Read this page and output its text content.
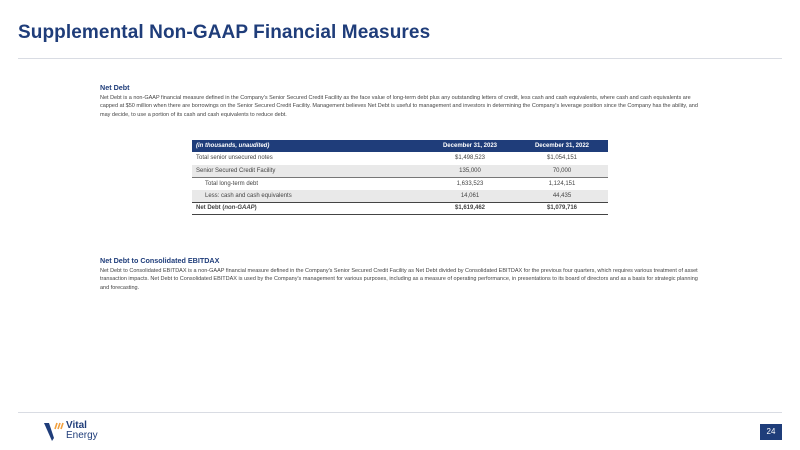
Supplemental Non-GAAP Financial Measures
Net Debt

Net Debt is a non-GAAP financial measure defined in the Company's Senior Secured Credit Facility as the face value of long-term debt plus any outstanding letters of credit, less cash and cash equivalents, where cash and cash equivalents are capped at $50 million when there are borrowings on the Senior Secured Credit Facility. Management believes Net Debt is useful to management and investors in determining the Company's leverage position since the Company has the ability, and may decide, to use a portion of its cash and cash equivalents to reduce debt.

(in thousands, unaudited)	December 31, 2023	December 31, 2022
Total senior unsecured notes	$1,498,523	$1,054,151
Senior Secured Credit Facility	135,000	70,000
Total long-term debt	1,633,523	1,124,151
Less: cash and cash equivalents	14,061	44,435
Net Debt (non-GAAP)	$1,619,462	$1,079,716
Net Debt to Consolidated EBITDAX

Net Debt to Consolidated EBITDAX is a non-GAAP financial measure defined in the Company's Senior Secured Credit Facility as Net Debt divided by Consolidated EBITDAX for the previous four quarters, which requires various treatment of asset transaction impacts. Net Debt to Consolidated EBITDAX is used by the Company's management for various purposes, including as a measure of operating performance, in presentations to its board of directors and as a basis for strategic planning and forecasting.

Vital
Energy	24
